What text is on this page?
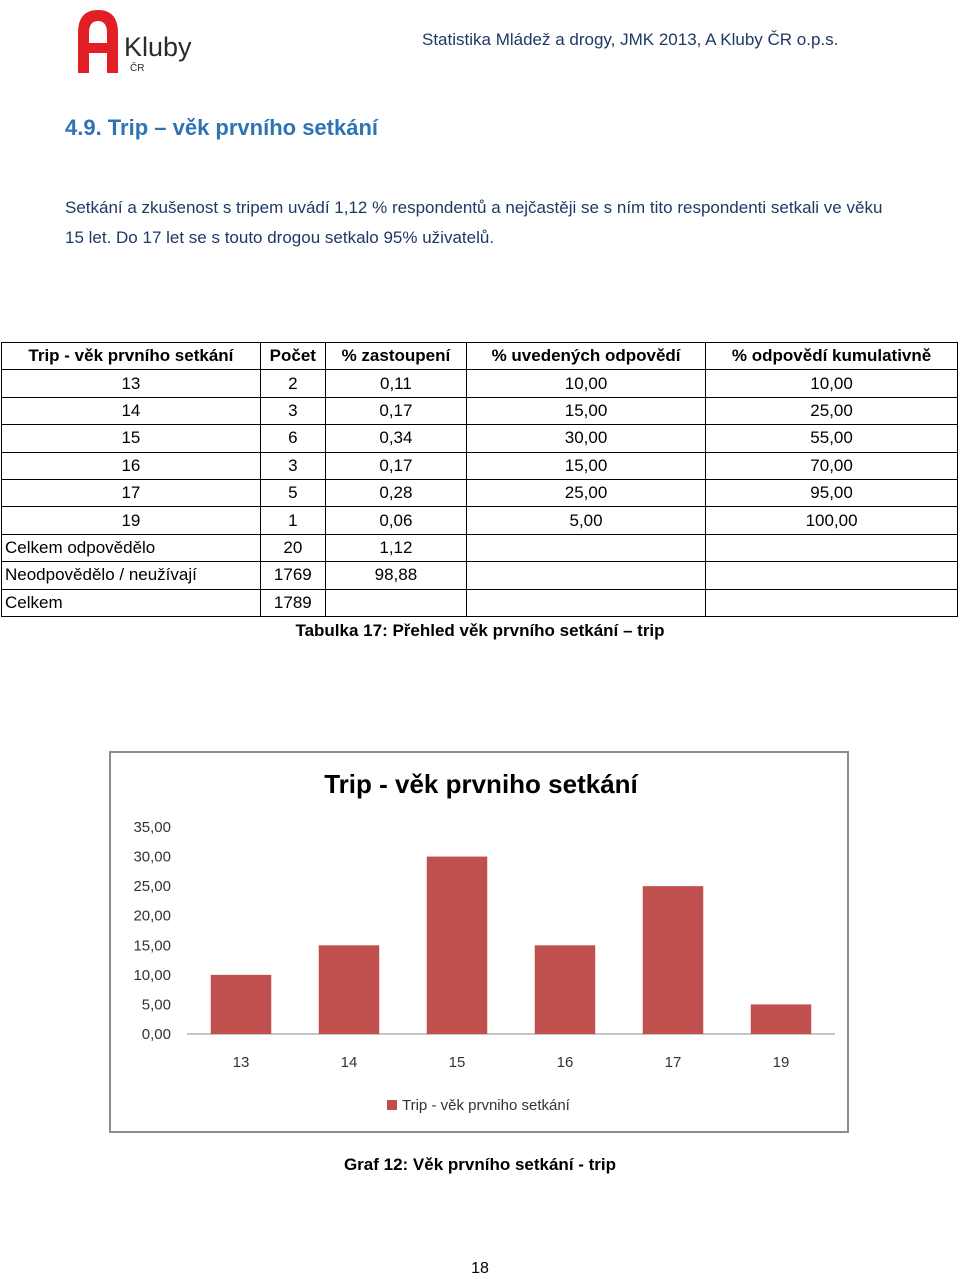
Kluby
ČR
Statistika Mládež a drogy, JMK 2013, A Kluby ČR o.p.s.
4.9. Trip – věk prvního setkání
Setkání a zkušenost s tripem uvádí 1,12 % respondentů a nejčastěji se s ním tito respondenti setkali ve věku 15 let. Do 17 let se s touto drogou setkalo 95% uživatelů.
Trip - věk prvního setkání	Počet	% zastoupení	% uvedených odpovědí	% odpovědí kumulativně
13	2	0,11	10,00	10,00
14	3	0,17	15,00	25,00
15	6	0,34	30,00	55,00
16	3	0,17	15,00	70,00
17	5	0,28	25,00	95,00
19	1	0,06	5,00	100,00
Celkem odpovědělo	20	1,12		
Neodpovědělo / neužívají	1769	98,88		
Celkem	1789			
Tabulka 17: Přehled věk prvního setkání – trip
Trip - věk prvniho setkání
0,00
5,00
10,00
15,00
20,00
25,00
30,00
35,00
13	14	15	16	17	19
Trip - věk prvniho setkání
Graf 12: Věk prvního setkání - trip
18
